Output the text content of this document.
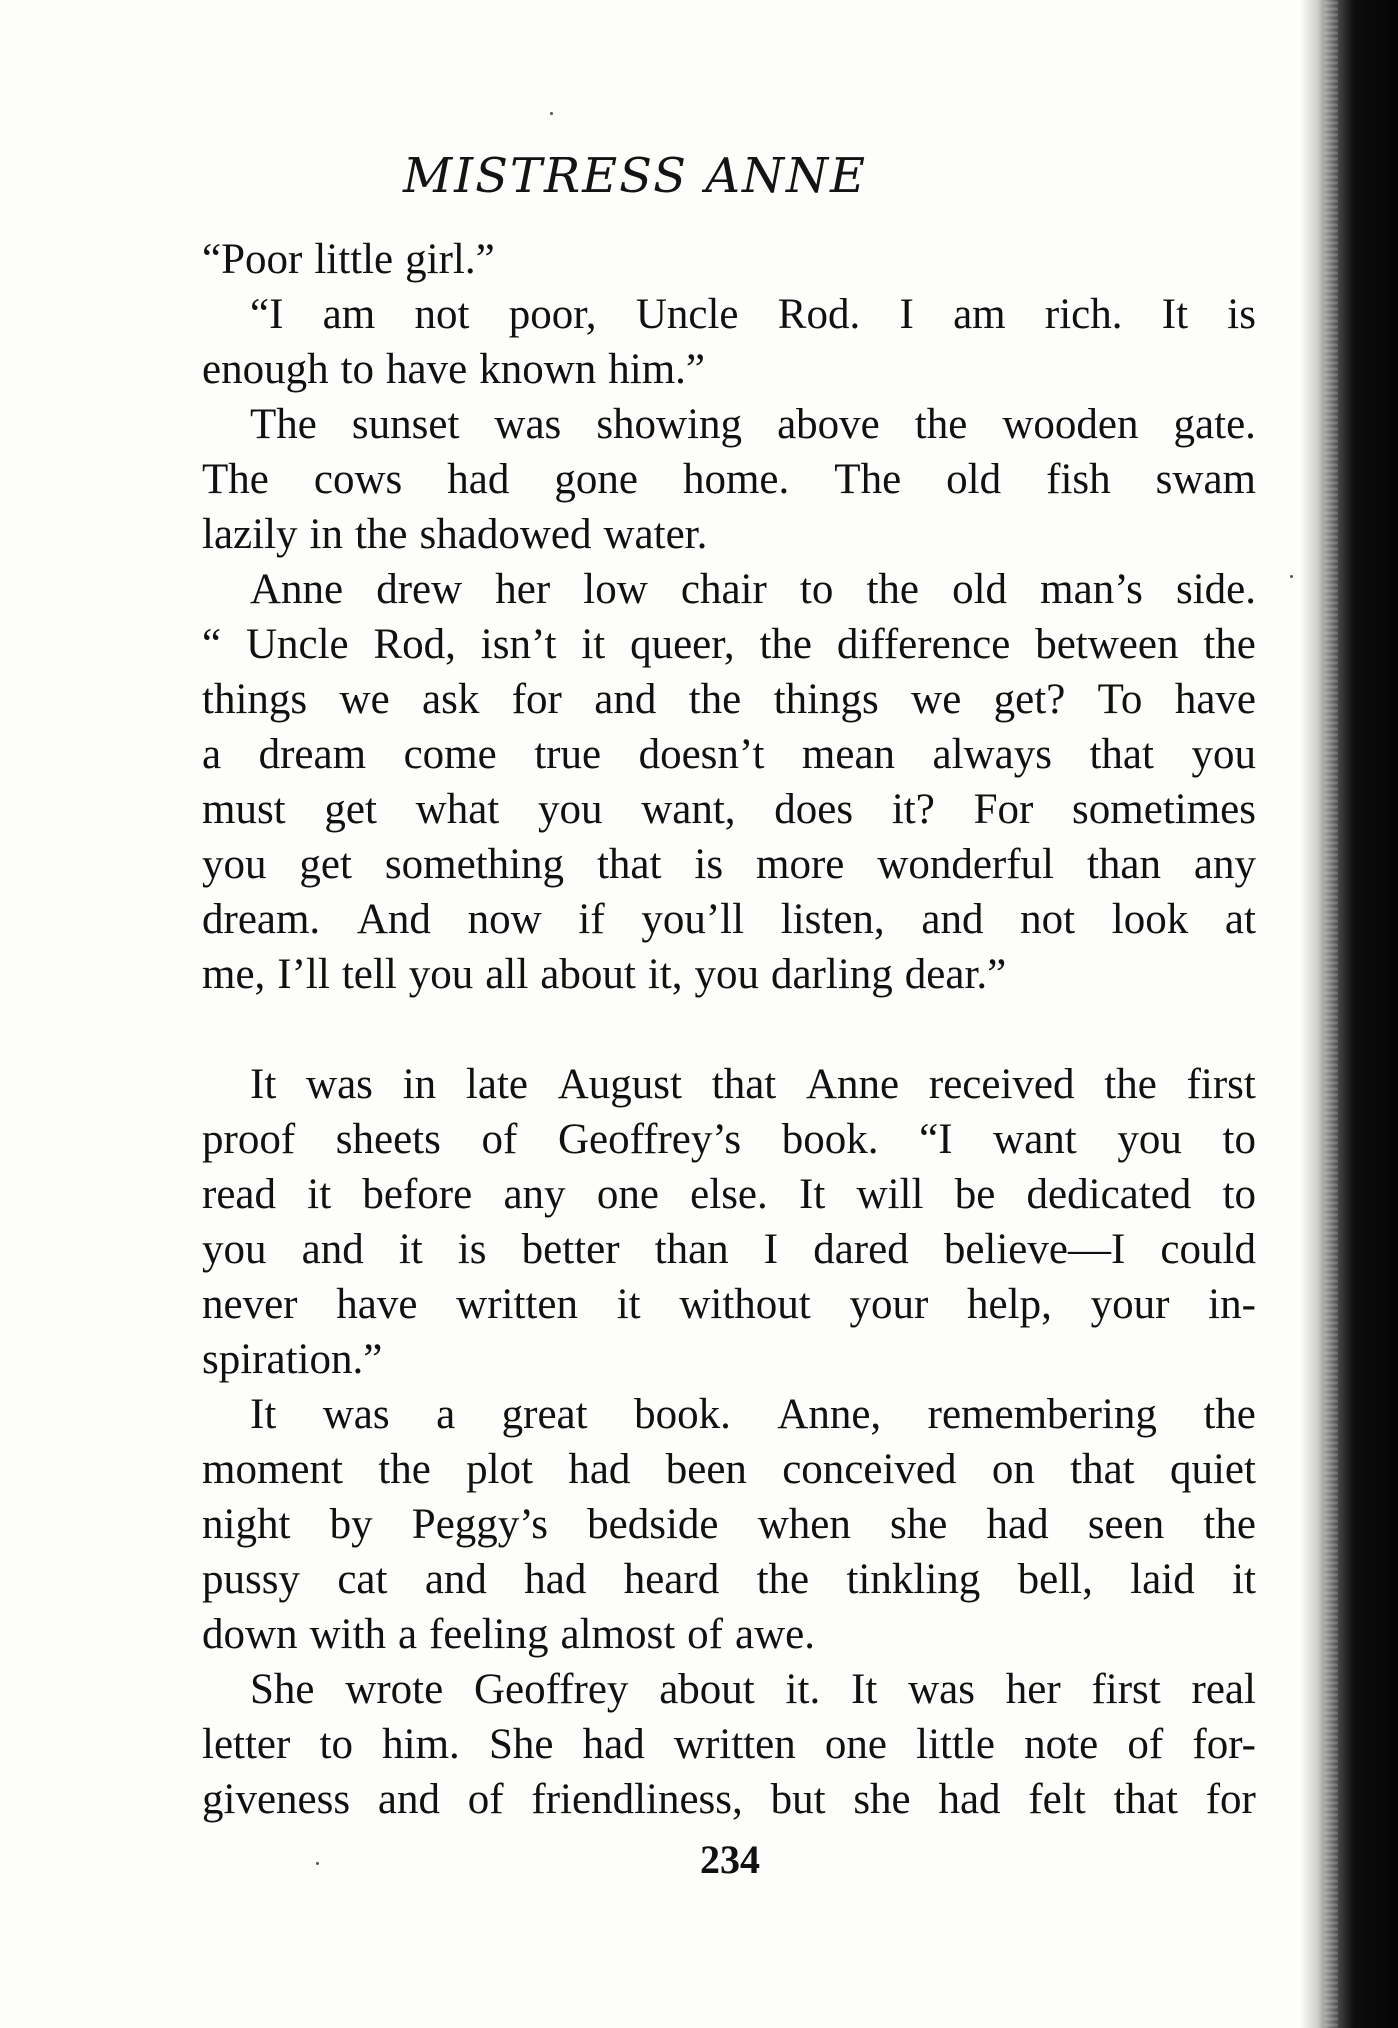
MISTRESS ANNE
“Poor little girl.”
“I am not poor, Uncle Rod. I am rich. It is
enough to have known him.”
The sunset was showing above the wooden gate.
The cows had gone home. The old fish swam
lazily in the shadowed water.
Anne drew her low chair to the old man’s side.
“ Uncle Rod, isn’t it queer, the difference between the
things we ask for and the things we get? To have
a dream come true doesn’t mean always that you
must get what you want, does it? For sometimes
you get something that is more wonderful than any
dream. And now if you’ll listen, and not look at
me, I’ll tell you all about it, you darling dear.”
It was in late August that Anne received the first
proof sheets of Geoffrey’s book. “I want you to
read it before any one else. It will be dedicated to
you and it is better than I dared believe—I could
never have written it without your help, your in-
spiration.”
It was a great book. Anne, remembering the
moment the plot had been conceived on that quiet
night by Peggy’s bedside when she had seen the
pussy cat and had heard the tinkling bell, laid it
down with a feeling almost of awe.
She wrote Geoffrey about it. It was her first real
letter to him. She had written one little note of for-
giveness and of friendliness, but she had felt that for
234
